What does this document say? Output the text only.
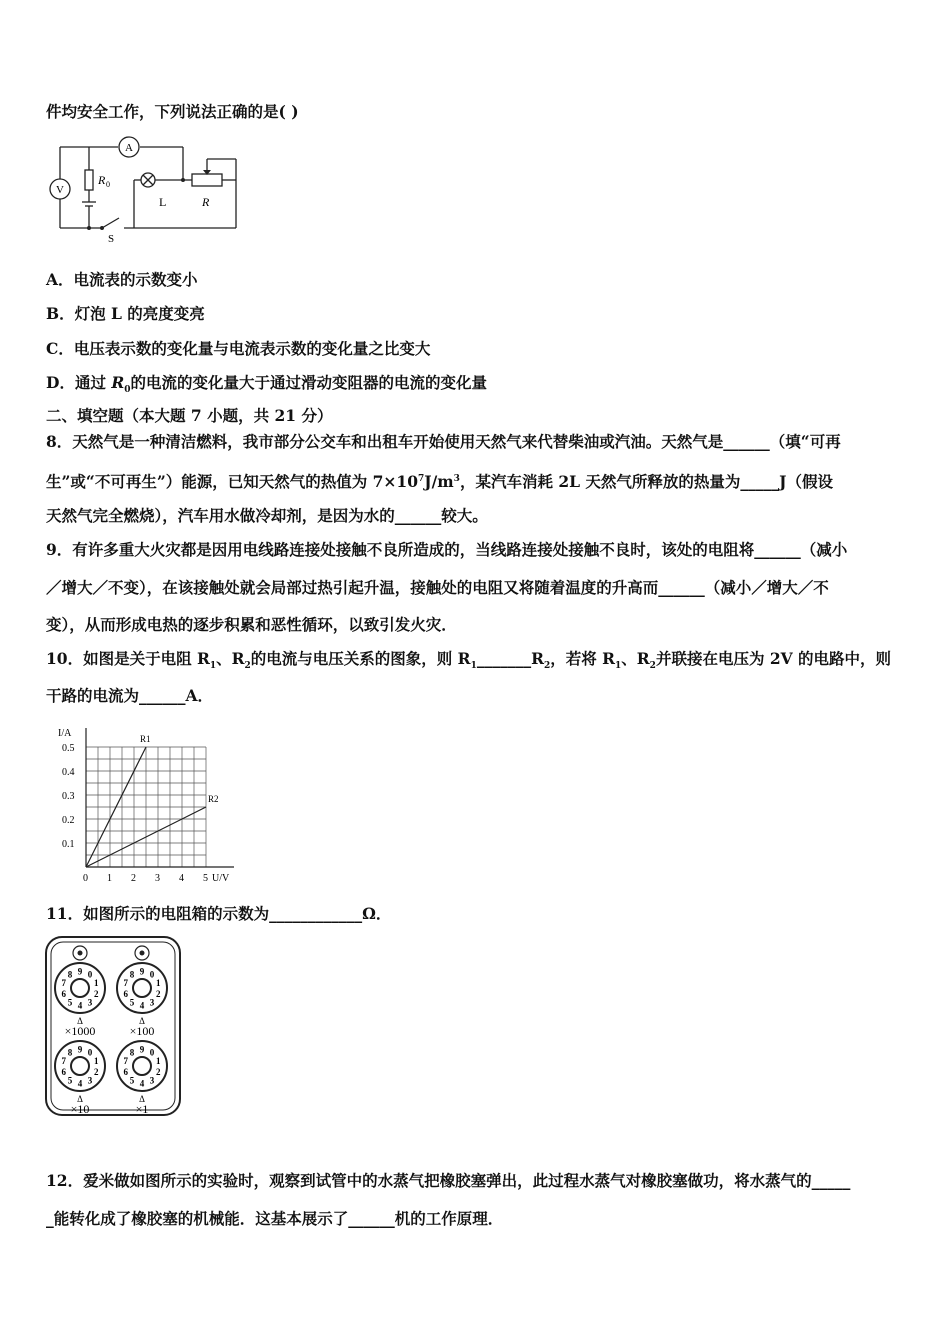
件均安全工作，下列说法正确的是( )
A
V
R 0
L	R
S
A．电流表的示数变小
B．灯泡 L 的亮度变亮
C．电压表示数的变化量与电流表示数的变化量之比变大
D．通过 $R_0$的电流的变化量大于通过滑动变阻器的电流的变化量
二、填空题（本大题 7 小题，共 21 分）
8．天然气是一种清洁燃料，我市部分公交车和出租车开始使用天然气来代替柴油或汽油。天然气是______（填“可再
生”或“不可再生”）能源，已知天然气的热值为 $7\times 10^7J/m^3$，某汽车消耗 2L 天然气所释放的热量为_____J（假设
天然气完全燃烧），汽车用水做冷却剂，是因为水的______较大。
9．有许多重大火灾都是因用电线路连接处接触不良所造成的，当线路连接处接触不良时，该处的电阻将______（减小
／增大／不变），在该接触处就会局部过热引起升温，接触处的电阻又将随着温度的升高而______（减小／增大／不
变），从而形成电热的逐步积累和恶性循环，以致引发火灾．
10．如图是关于电阻 $R_1$、$R_2$的电流与电压关系的图象，则 $R_1\_\_\_\_\_\_\_R_2$，若将 $R_1$、$R_2$并联接在电压为 2V 的电路中，则
干路的电流为______A．
I/A
U/V
0.1
0.2
0.3
0.4
0.5
0 1 2 3 4 5
R1
R2
11．如图所示的电阻箱的示数为____________Ω．
9 0
1
2
3
4
5
6
7
8
Δ
×1000
9 0
1
2
3
4
5
6
7
8
Δ
×100
9 0
1
2
3
4
5
6
7
8
Δ
×10
9 0
1
2
3
4
5
6
7
8
Δ
×1
12．爱米做如图所示的实验时，观察到试管中的水蒸气把橡胶塞弹出，此过程水蒸气对橡胶塞做功，将水蒸气的_____
_能转化成了橡胶塞的机械能．这基本展示了______机的工作原理．
